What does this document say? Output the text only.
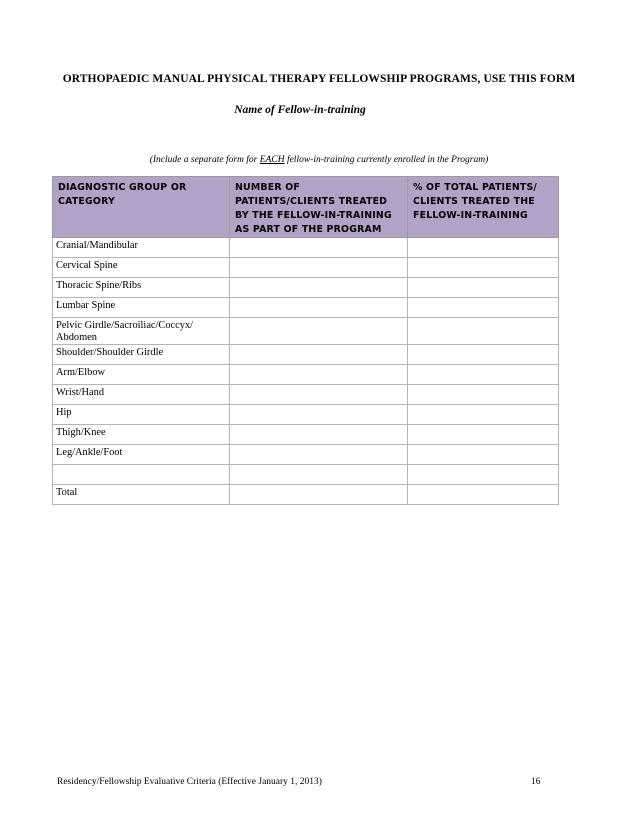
ORTHOPAEDIC MANUAL PHYSICAL THERAPY FELLOWSHIP PROGRAMS, USE THIS FORM
Name of Fellow-in-training
(Include a separate form for EACH fellow-in-training currently enrolled in the Program)
DIAGNOSTIC GROUP OR CATEGORY	NUMBER OF PATIENTS/CLIENTS TREATED BY THE FELLOW-IN-TRAINING AS PART OF THE PROGRAM	% OF TOTAL PATIENTS/ CLIENTS TREATED THE FELLOW-IN-TRAINING
Cranial/Mandibular		
Cervical Spine		
Thoracic Spine/Ribs		
Lumbar Spine		
Pelvic Girdle/Sacroiliac/Coccyx/ Abdomen		
Shoulder/Shoulder Girdle		
Arm/Elbow		
Wrist/Hand		
Hip		
Thigh/Knee		
Leg/Ankle/Foot		

Total		
Residency/Fellowship Evaluative Criteria (Effective January 1, 2013)	16
